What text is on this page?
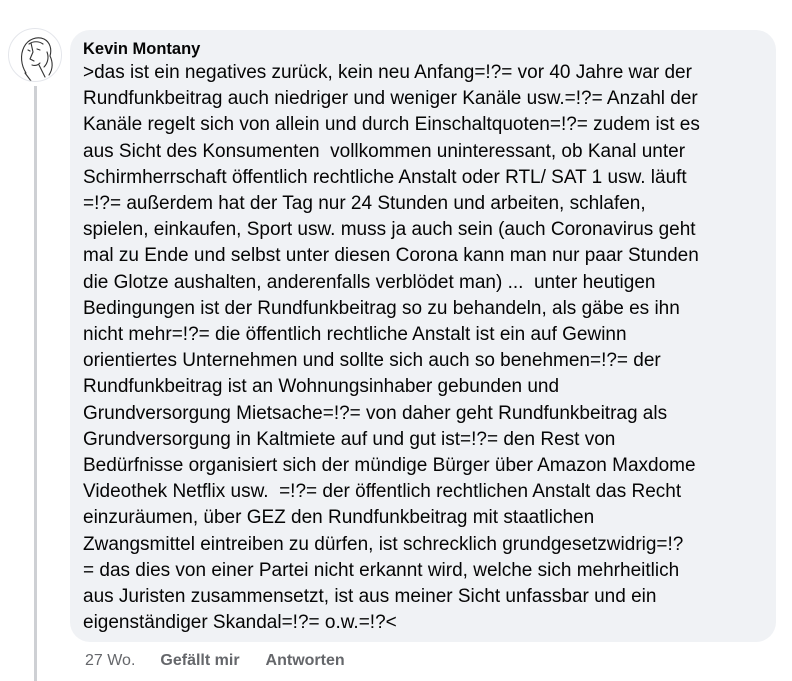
Kevin Montany
>das ist ein negatives zurück, kein neu Anfang=!?= vor 40 Jahre war der
Rundfunkbeitrag auch niedriger und weniger Kanäle usw.=!?= Anzahl der
Kanäle regelt sich von allein und durch Einschaltquoten=!?= zudem ist es
aus Sicht des Konsumenten  vollkommen uninteressant, ob Kanal unter
Schirmherrschaft öffentlich rechtliche Anstalt oder RTL/ SAT 1 usw. läuft
=!?= außerdem hat der Tag nur 24 Stunden und arbeiten, schlafen,
spielen, einkaufen, Sport usw. muss ja auch sein (auch Coronavirus geht
mal zu Ende und selbst unter diesen Corona kann man nur paar Stunden
die Glotze aushalten, anderenfalls verblödet man) ...  unter heutigen
Bedingungen ist der Rundfunkbeitrag so zu behandeln, als gäbe es ihn
nicht mehr=!?= die öffentlich rechtliche Anstalt ist ein auf Gewinn
orientiertes Unternehmen und sollte sich auch so benehmen=!?= der
Rundfunkbeitrag ist an Wohnungsinhaber gebunden und
Grundversorgung Mietsache=!?= von daher geht Rundfunkbeitrag als
Grundversorgung in Kaltmiete auf und gut ist=!?= den Rest von
Bedürfnisse organisiert sich der mündige Bürger über Amazon Maxdome
Videothek Netflix usw.  =!?= der öffentlich rechtlichen Anstalt das Recht
einzuräumen, über GEZ den Rundfunkbeitrag mit staatlichen
Zwangsmittel eintreiben zu dürfen, ist schrecklich grundgesetzwidrig=!?
= das dies von einer Partei nicht erkannt wird, welche sich mehrheitlich
aus Juristen zusammensetzt, ist aus meiner Sicht unfassbar und ein
eigenständiger Skandal=!?= o.w.=!?<
27 Wo. Gefällt mir Antworten
